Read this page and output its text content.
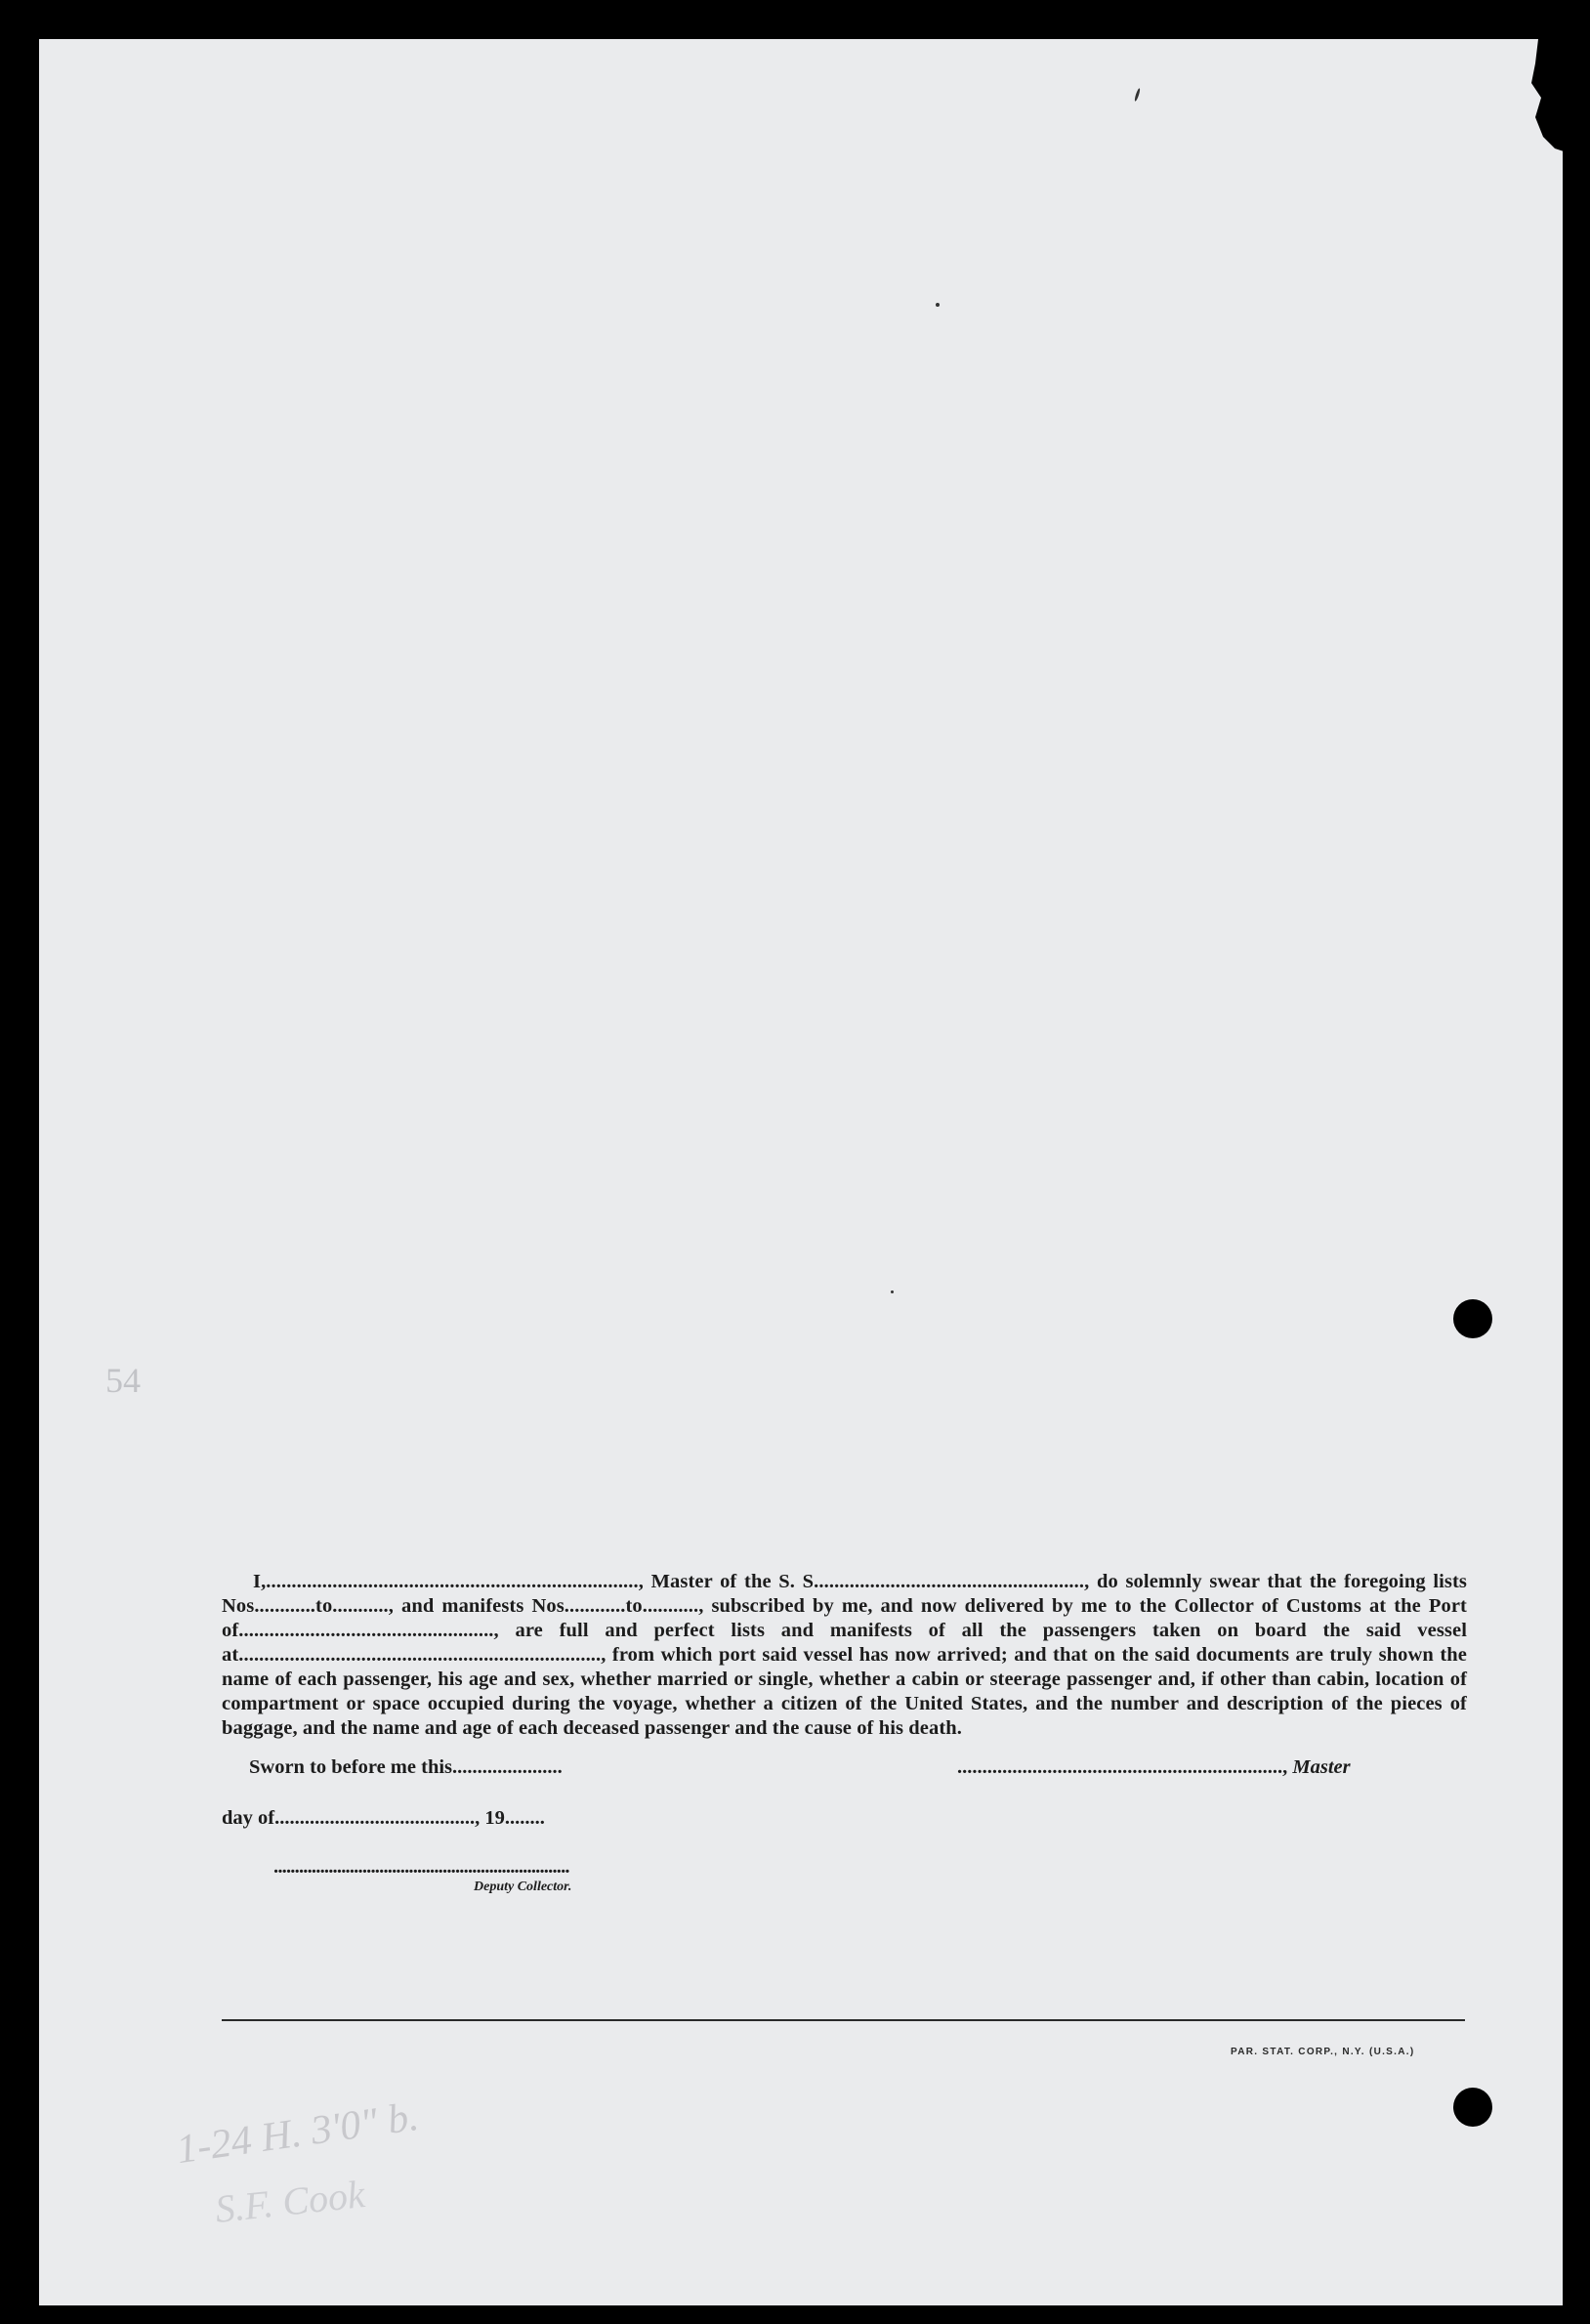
54

I,........................................................................., Master of the S. S....................................................., do solemnly swear that the foregoing lists Nos............to..........., and manifests Nos............to..........., subscribed by me, and now delivered by me to the Collector of Customs at the Port of.................................................., are full and perfect lists and manifests of all the passengers taken on board the said vessel at......................................................................., from which port said vessel has now arrived; and that on the said documents are truly shown the name of each passenger, his age and sex, whether married or single, whether a cabin or steerage passenger and, if other than cabin, location of compartment or space occupied during the voyage, whether a citizen of the United States, and the number and description of the pieces of baggage, and the name and age of each deceased passenger and the cause of his death.

Sworn to before me this......................	................................................................., Master
day of........................................, 19........
......................................................................
Deputy Collector.
PAR. STAT. CORP., N.Y. (U.S.A.)
1-24 H. 3'0" b.
S.F. Cook
